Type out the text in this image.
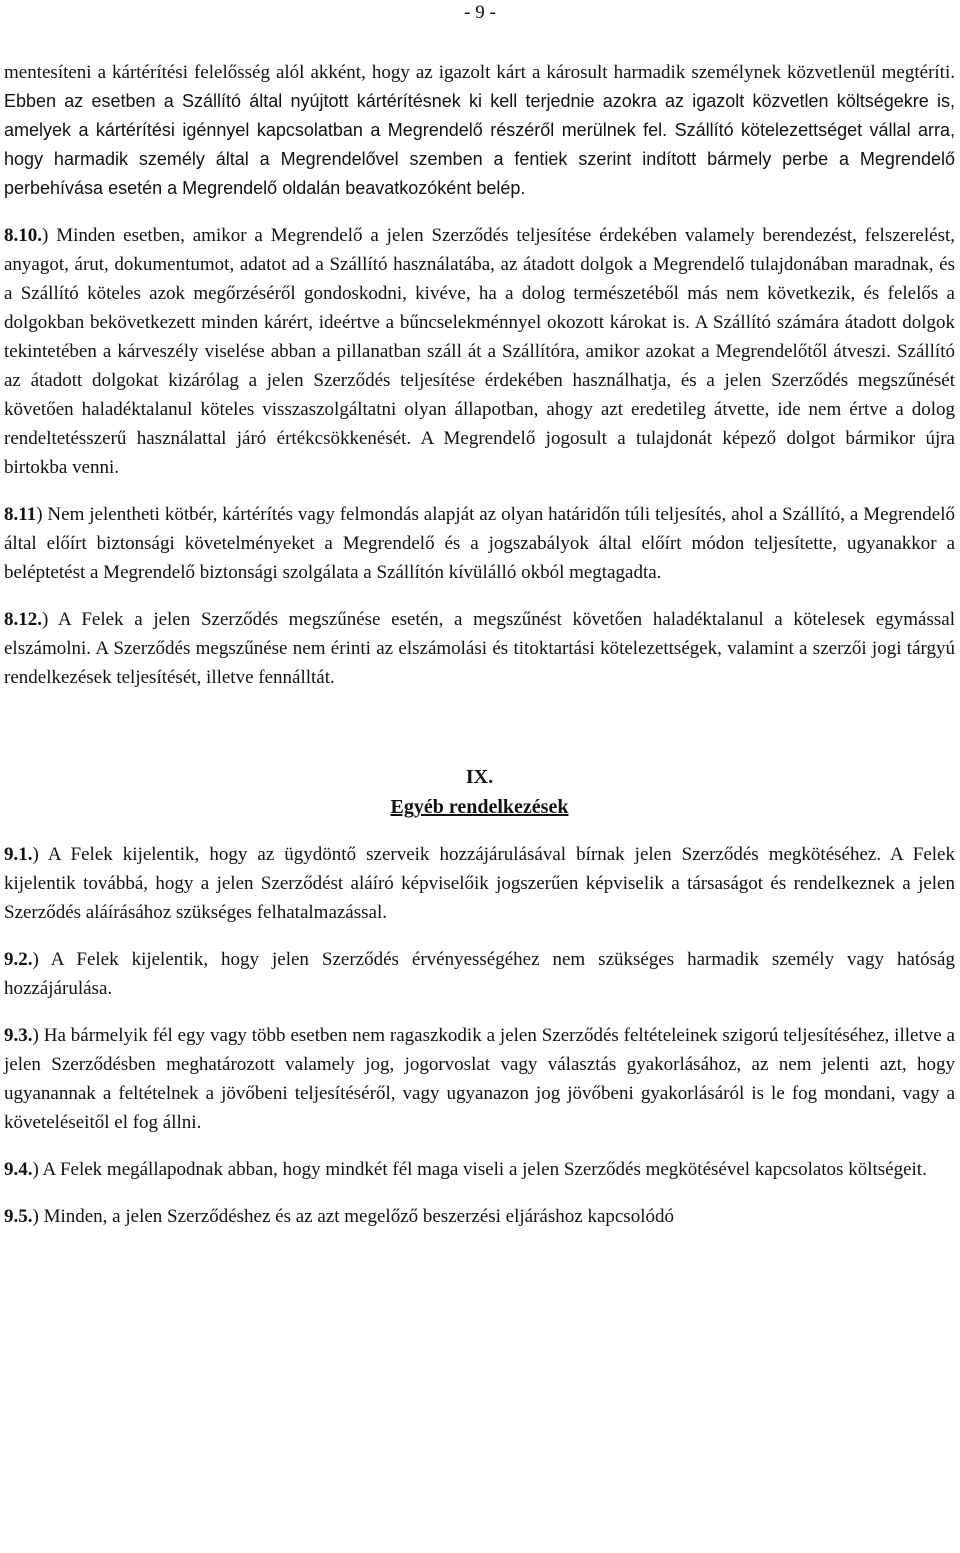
- 9 -

mentesíteni a kártérítési felelősség alól akként, hogy az igazolt kárt a károsult harmadik személynek közvetlenül megtéríti. Ebben az esetben a Szállító által nyújtott kártérítésnek ki kell terjednie azokra az igazolt közvetlen költségekre is, amelyek a kártérítési igénnyel kapcsolatban a Megrendelő részéről merülnek fel. Szállító kötelezettséget vállal arra, hogy harmadik személy által a Megrendelővel szemben a fentiek szerint indított bármely perbe a Megrendelő perbehívása esetén a Megrendelő oldalán beavatkozóként belép.

8.10.) Minden esetben, amikor a Megrendelő a jelen Szerződés teljesítése érdekében valamely berendezést, felszerelést, anyagot, árut, dokumentumot, adatot ad a Szállító használatába, az átadott dolgok a Megrendelő tulajdonában maradnak, és a Szállító köteles azok megőrzéséről gondoskodni, kivéve, ha a dolog természetéből más nem következik, és felelős a dolgokban bekövetkezett minden kárért, ideértve a bűncselekménnyel okozott károkat is. A Szállító számára átadott dolgok tekintetében a kárveszély viselése abban a pillanatban száll át a Szállítóra, amikor azokat a Megrendelőtől átveszi. Szállító az átadott dolgokat kizárólag a jelen Szerződés teljesítése érdekében használhatja, és a jelen Szerződés megszűnését követően haladéktalanul köteles visszaszolgáltatni olyan állapotban, ahogy azt eredetileg átvette, ide nem értve a dolog rendeltetésszerű használattal járó értékcsökkenését. A Megrendelő jogosult a tulajdonát képező dolgot bármikor újra birtokba venni.

8.11) Nem jelentheti kötbér, kártérítés vagy felmondás alapját az olyan határidőn túli teljesítés, ahol a Szállító, a Megrendelő által előírt biztonsági követelményeket a Megrendelő és a jogszabályok által előírt módon teljesítette, ugyanakkor a beléptetést a Megrendelő biztonsági szolgálata a Szállítón kívülálló okból megtagadta.

8.12.) A Felek a jelen Szerződés megszűnése esetén, a megszűnést követően haladéktalanul a kötelesek egymással elszámolni. A Szerződés megszűnése nem érinti az elszámolási és titoktartási kötelezettségek, valamint a szerzői jogi tárgyú rendelkezések teljesítését, illetve fennálltát.

IX.
Egyéb rendelkezések

9.1.) A Felek kijelentik, hogy az ügydöntő szerveik hozzájárulásával bírnak jelen Szerződés megkötéséhez. A Felek kijelentik továbbá, hogy a jelen Szerződést aláíró képviselőik jogszerűen képviselik a társaságot és rendelkeznek a jelen Szerződés aláírásához szükséges felhatalmazással.

9.2.) A Felek kijelentik, hogy jelen Szerződés érvényességéhez nem szükséges harmadik személy vagy hatóság hozzájárulása.

9.3.) Ha bármelyik fél egy vagy több esetben nem ragaszkodik a jelen Szerződés feltételeinek szigorú teljesítéséhez, illetve a jelen Szerződésben meghatározott valamely jog, jogorvoslat vagy választás gyakorlásához, az nem jelenti azt, hogy ugyanannak a feltételnek a jövőbeni teljesítéséről, vagy ugyanazon jog jövőbeni gyakorlásáról is le fog mondani, vagy a követeléseitől el fog állni.

9.4.) A Felek megállapodnak abban, hogy mindkét fél maga viseli a jelen Szerződés megkötésével kapcsolatos költségeit.

9.5.) Minden, a jelen Szerződéshez és az azt megelőző beszerzési eljáráshoz kapcsolódó
